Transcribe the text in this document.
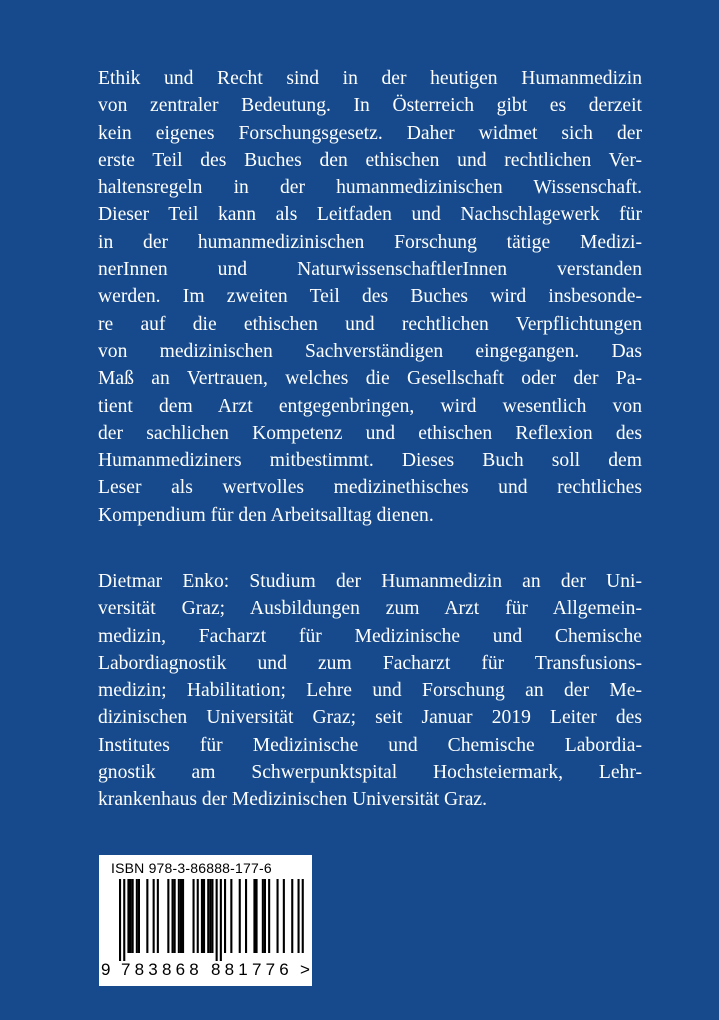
Ethik und Recht sind in der heutigen Humanmedizin
von zentraler Bedeutung. In Österreich gibt es derzeit
kein eigenes Forschungsgesetz. Daher widmet sich der
erste Teil des Buches den ethischen und rechtlichen Ver-
haltensregeln in der humanmedizinischen Wissenschaft.
Dieser Teil kann als Leitfaden und Nachschlagewerk für
in der humanmedizinischen Forschung tätige Medizi-
nerInnen und NaturwissenschaftlerInnen verstanden
werden. Im zweiten Teil des Buches wird insbesonde-
re auf die ethischen und rechtlichen Verpflichtungen
von medizinischen Sachverständigen eingegangen. Das
Maß an Vertrauen, welches die Gesellschaft oder der Pa-
tient dem Arzt entgegenbringen, wird wesentlich von
der sachlichen Kompetenz und ethischen Reflexion des
Humanmediziners mitbestimmt. Dieses Buch soll dem
Leser als wertvolles medizinethisches und rechtliches
Kompendium für den Arbeitsalltag dienen.
Dietmar Enko: Studium der Humanmedizin an der Uni-
versität Graz; Ausbildungen zum Arzt für Allgemein-
medizin, Facharzt für Medizinische und Chemische
Labordiagnostik und zum Facharzt für Transfusions-
medizin; Habilitation; Lehre und Forschung an der Me-
dizinischen Universität Graz; seit Januar 2019 Leiter des
Institutes für Medizinische und Chemische Labordia-
gnostik am Schwerpunktspital Hochsteiermark, Lehr-
krankenhaus der Medizinischen Universität Graz.
ISBN 978-3-86888-177-6
9 783868 881776 >
